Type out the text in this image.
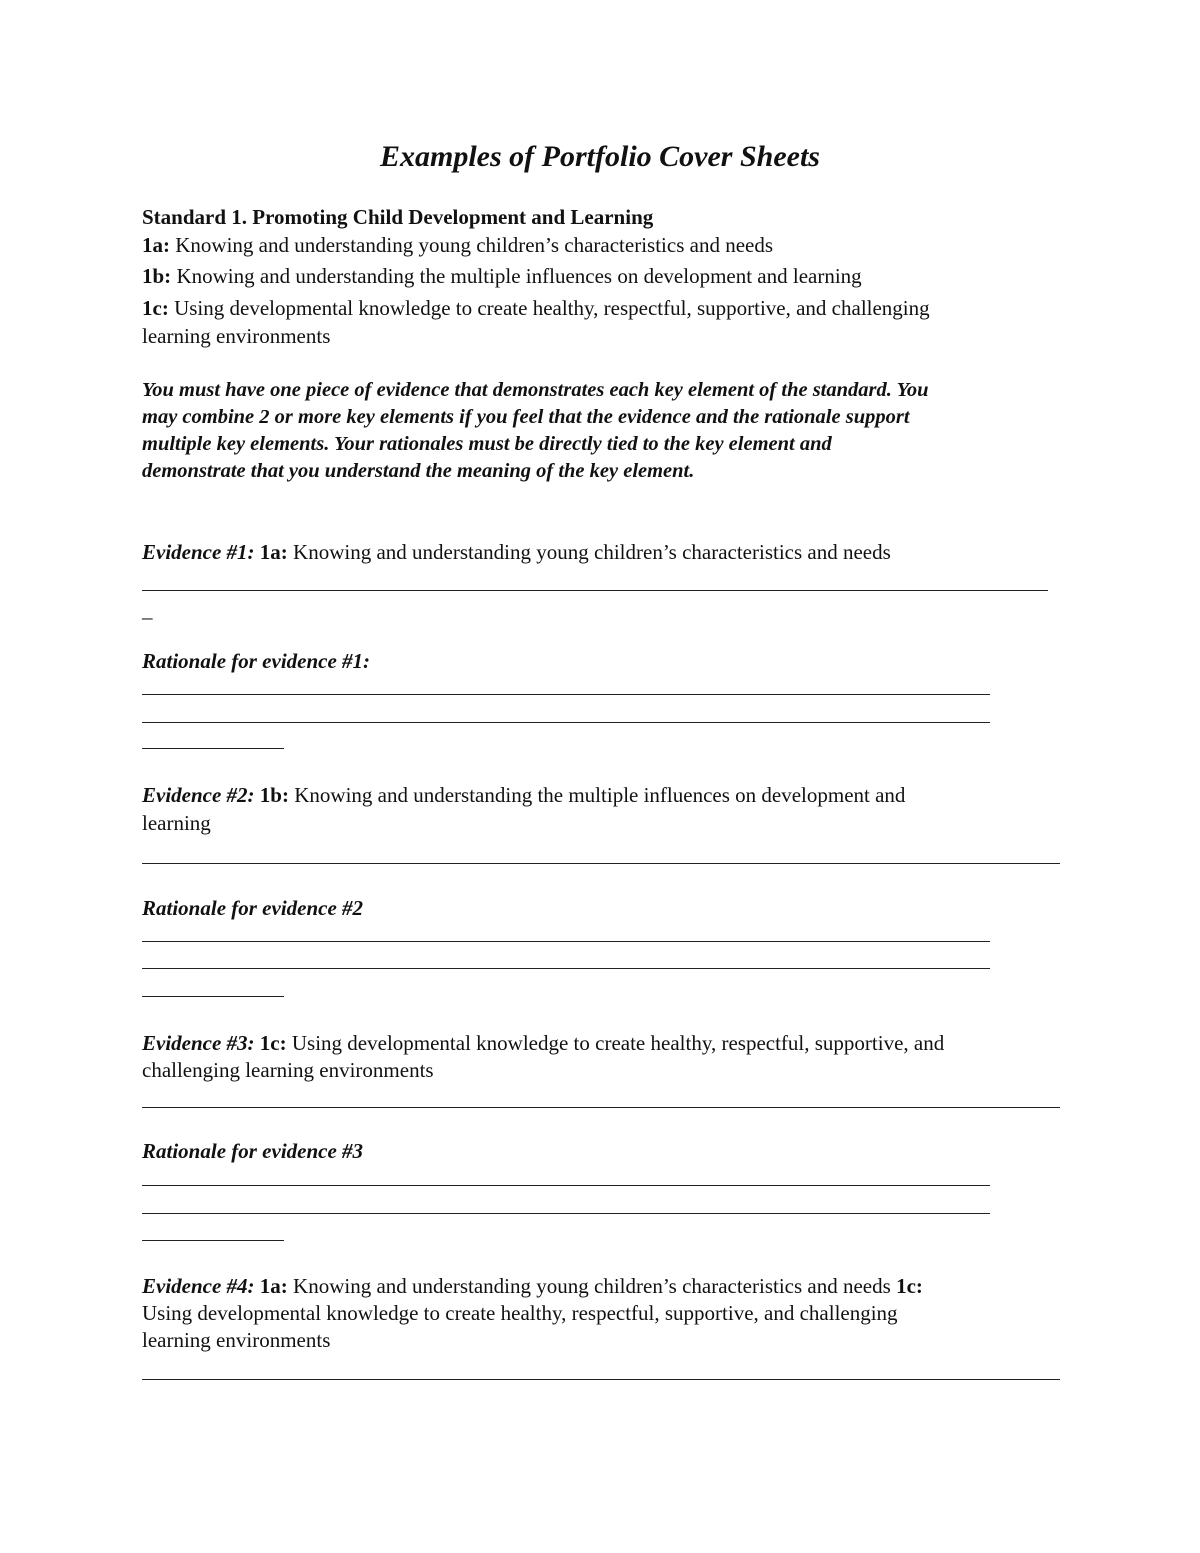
Examples of Portfolio Cover Sheets
Standard 1. Promoting Child Development and Learning
1a: Knowing and understanding young children’s characteristics and needs
1b: Knowing and understanding the multiple influences on development and learning
1c: Using developmental knowledge to create healthy, respectful, supportive, and challenging
learning environments
You must have one piece of evidence that demonstrates each key element of the standard. You
may combine 2 or more key elements if you feel that the evidence and the rationale support
multiple key elements. Your rationales must be directly tied to the key element and
demonstrate that you understand the meaning of the key element.
Evidence #1: 1a: Knowing and understanding young children’s characteristics and needs
_
Rationale for evidence #1:
Evidence #2: 1b: Knowing and understanding the multiple influences on development and
learning
Rationale for evidence #2
Evidence #3: 1c: Using developmental knowledge to create healthy, respectful, supportive, and
challenging learning environments
Rationale for evidence #3
Evidence #4: 1a: Knowing and understanding young children’s characteristics and needs 1c:
Using developmental knowledge to create healthy, respectful, supportive, and challenging
learning environments
